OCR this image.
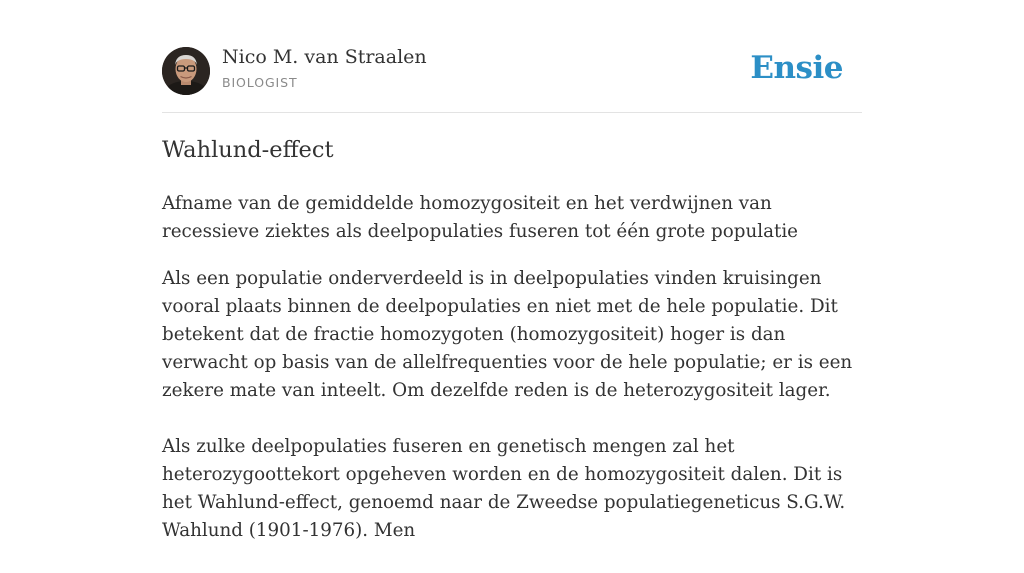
Nico M. van Straalen
BIOLOGIST	Ensie
Wahlund-effect

Afname van de gemiddelde homozygositeit en het verdwijnen van recessieve ziektes als deelpopulaties fuseren tot één grote populatie

Als een populatie onderverdeeld is in deelpopulaties vinden kruisingen vooral plaats binnen de deelpopulaties en niet met de hele populatie. Dit betekent dat de fractie homozygoten (homozygositeit) hoger is dan verwacht op basis van de allelfrequenties voor de hele populatie; er is een zekere mate van inteelt. Om dezelfde reden is de heterozygositeit lager.

Als zulke deelpopulaties fuseren en genetisch mengen zal het heterozygoottekort opgeheven worden en de homozygositeit dalen. Dit is het Wahlund-effect, genoemd naar de Zweedse populatiegeneticus S.G.W. Wahlund (1901-1976). Men
